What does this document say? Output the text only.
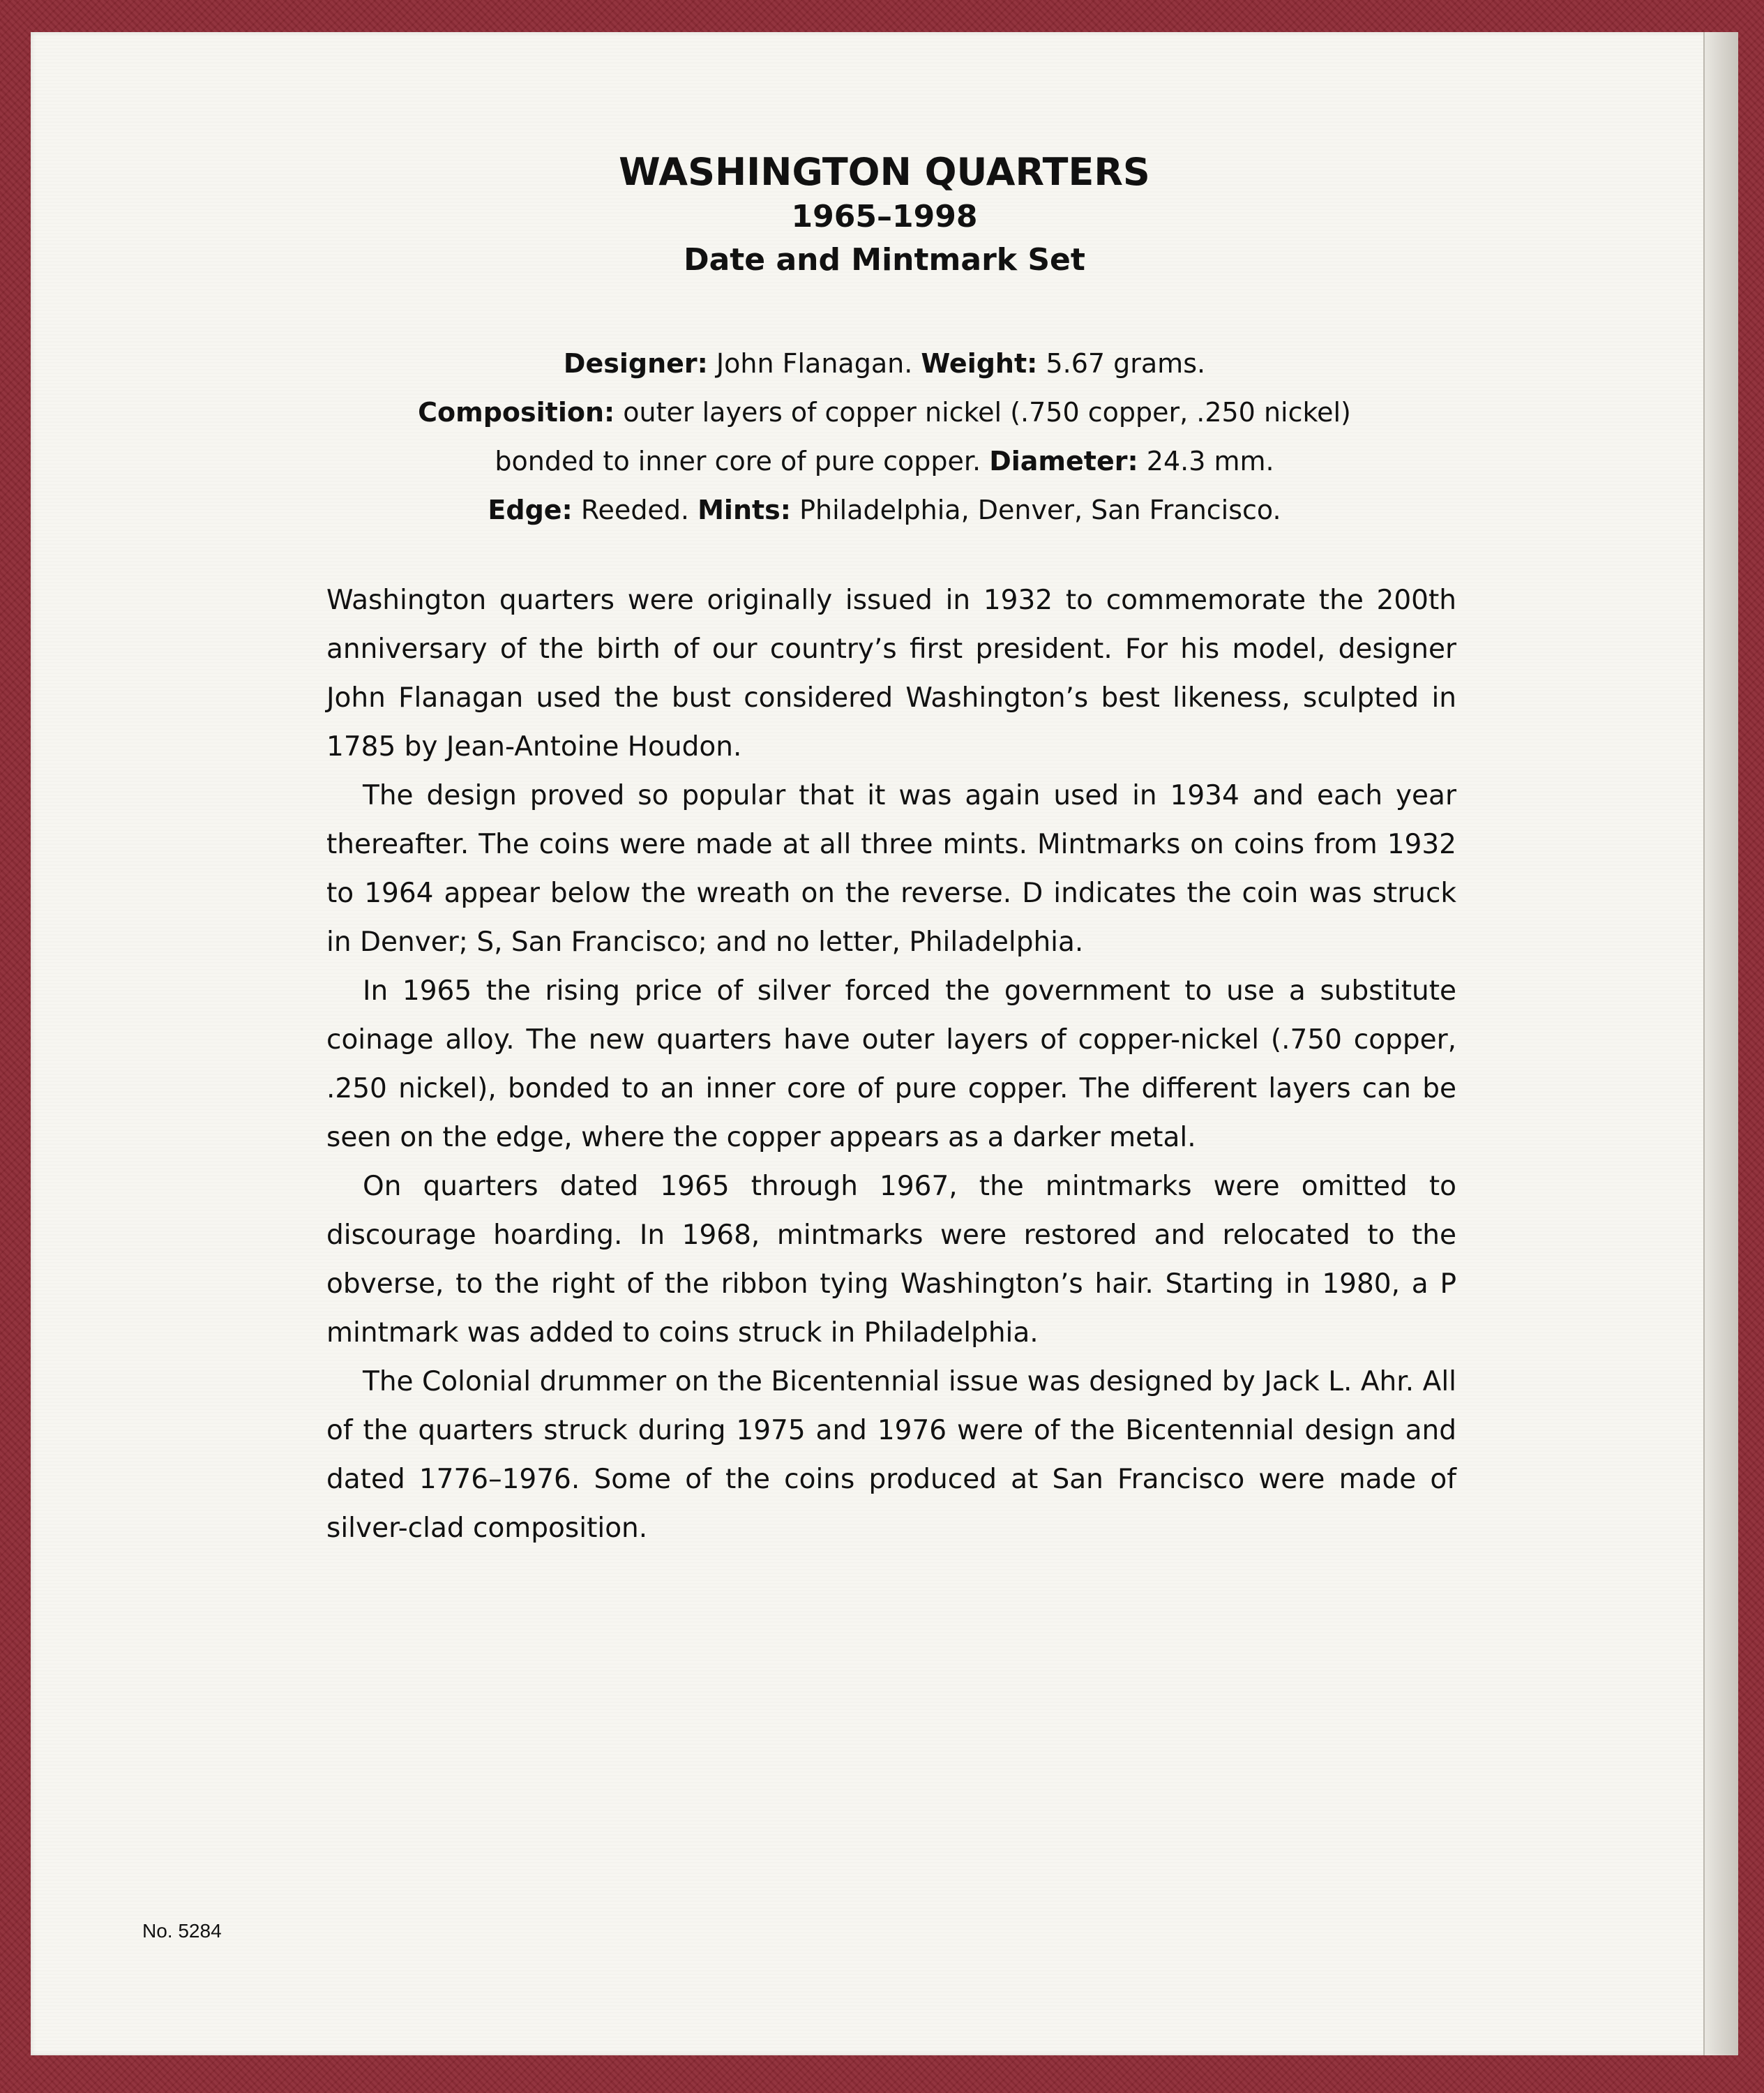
WASHINGTON QUARTERS
1965–1998
Date and Mintmark Set
Designer: John Flanagan. Weight: 5.67 grams.
Composition: outer layers of copper nickel (.750 copper, .250 nickel)
bonded to inner core of pure copper. Diameter: 24.3 mm.
Edge: Reeded. Mints: Philadelphia, Denver, San Francisco.

Washington quarters were originally issued in 1932 to commemorate the 200th anniversary of the birth of our country’s first president. For his model, designer John Flanagan used the bust considered Washington’s best likeness, sculpted in 1785 by Jean-Antoine Houdon.

The design proved so popular that it was again used in 1934 and each year thereafter. The coins were made at all three mints. Mintmarks on coins from 1932 to 1964 appear below the wreath on the reverse. D indicates the coin was struck in Denver; S, San Francisco; and no letter, Philadelphia.

In 1965 the rising price of silver forced the government to use a substitute coinage alloy. The new quarters have outer layers of copper-nickel (.750 copper, .250 nickel), bonded to an inner core of pure copper. The different layers can be seen on the edge, where the copper appears as a darker metal.

On quarters dated 1965 through 1967, the mintmarks were omitted to discourage hoarding. In 1968, mintmarks were restored and relocated to the obverse, to the right of the ribbon tying Washington’s hair. Starting in 1980, a P mintmark was added to coins struck in Philadelphia.

The Colonial drummer on the Bicentennial issue was designed by Jack L. Ahr. All of the quarters struck during 1975 and 1976 were of the Bicentennial design and dated 1776–1976. Some of the coins produced at San Francisco were made of silver-clad composition.

No. 5284
